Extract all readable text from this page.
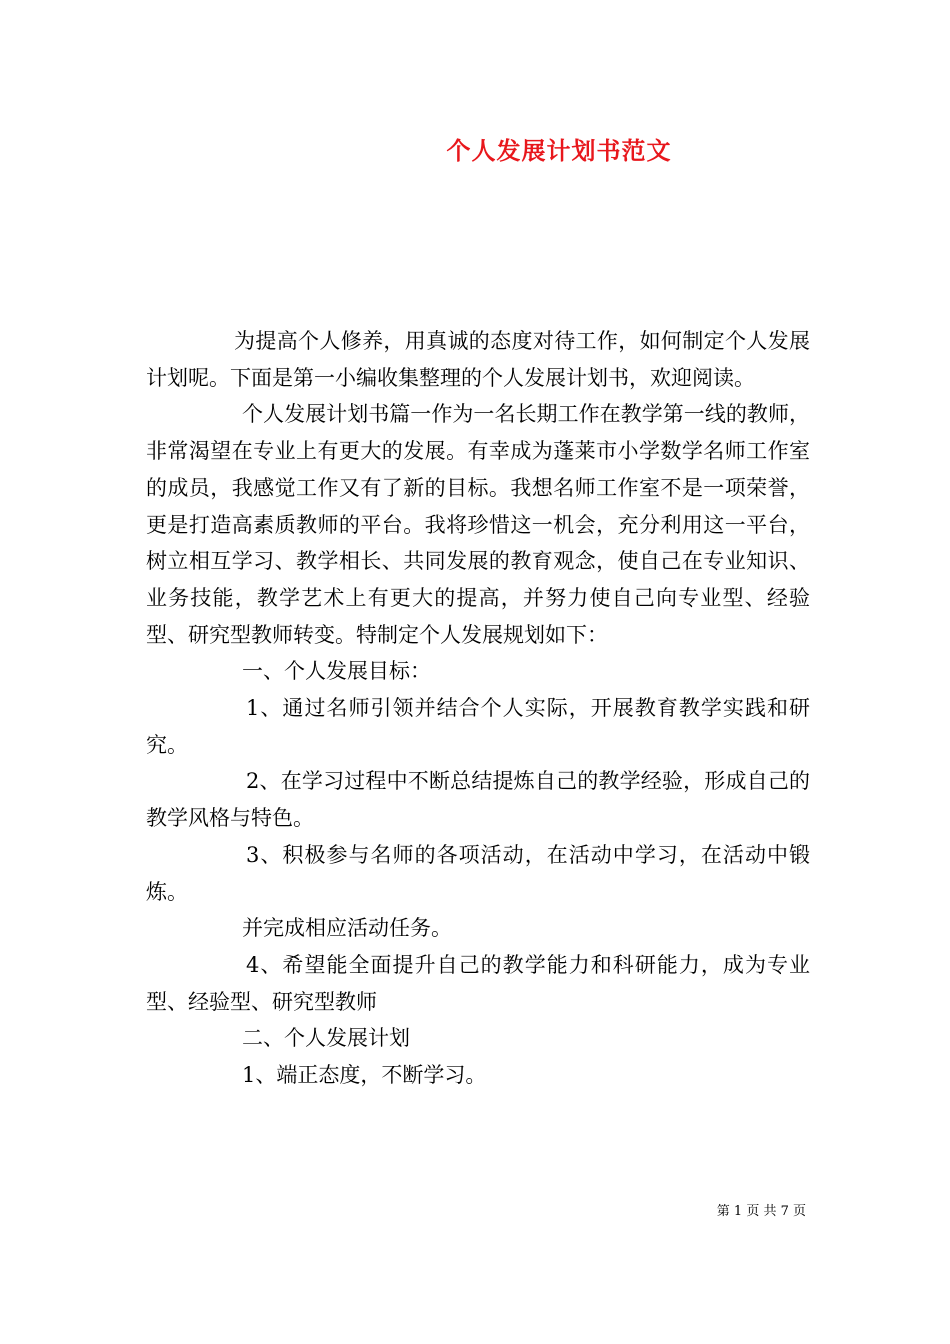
个人发展计划书范文

为提高个人修养，用真诚的态度对待工作，如何制定个人发展计划呢。下面是第一小编收集整理的个人发展计划书，欢迎阅读。

个人发展计划书篇一作为一名长期工作在教学第一线的教师，非常渴望在专业上有更大的发展。有幸成为蓬莱市小学数学名师工作室的成员，我感觉工作又有了新的目标。我想名师工作室不是一项荣誉，更是打造高素质教师的平台。我将珍惜这一机会，充分利用这一平台，树立相互学习、教学相长、共同发展的教育观念，使自己在专业知识、业务技能，教学艺术上有更大的提高，并努力使自己向专业型、经验型、研究型教师转变。特制定个人发展规划如下：

一、个人发展目标：

1、通过名师引领并结合个人实际，开展教育教学实践和研究。

2、在学习过程中不断总结提炼自己的教学经验，形成自己的教学风格与特色。

3、积极参与名师的各项活动，在活动中学习，在活动中锻炼。

并完成相应活动任务。

4、希望能全面提升自己的教学能力和科研能力，成为专业型、经验型、研究型教师

二、个人发展计划

1、端正态度，不断学习。

第 1 页 共 7 页
